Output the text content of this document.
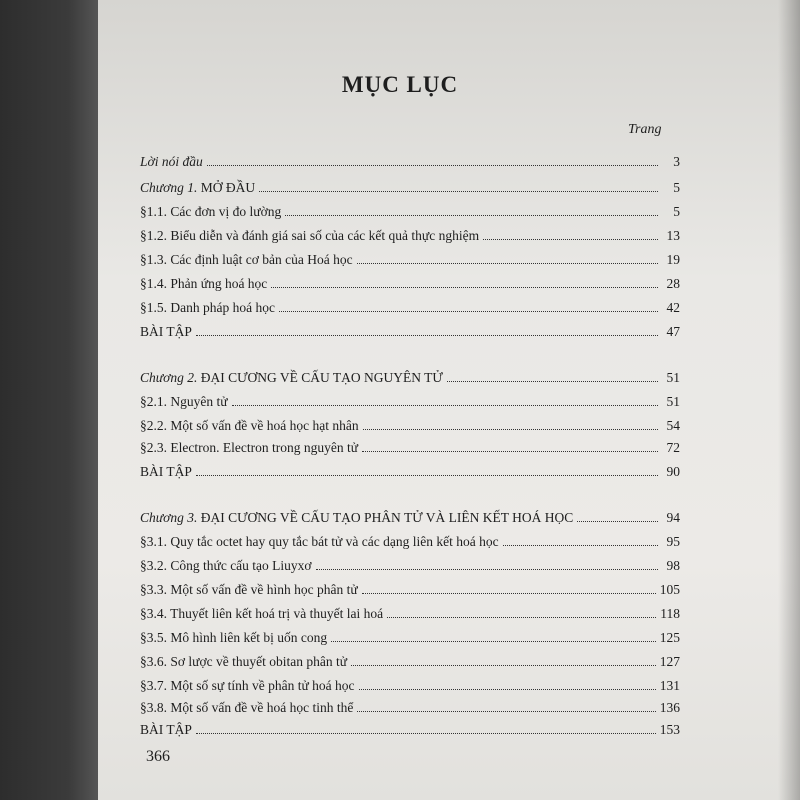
MỤC LỤC
Trang
Lời nói đầu	3
Chương 1. MỞ ĐẦU	5
§1.1. Các đơn vị đo lường	5
§1.2. Biểu diễn và đánh giá sai số của các kết quả thực nghiệm	13
§1.3. Các định luật cơ bản của Hoá học	19
§1.4. Phản ứng hoá học	28
§1.5. Danh pháp hoá học	42
BÀI TẬP	47
Chương 2. ĐẠI CƯƠNG VỀ CẤU TẠO NGUYÊN TỬ	51
§2.1. Nguyên tử	51
§2.2. Một số vấn đề về hoá học hạt nhân	54
§2.3. Electron. Electron trong nguyên tử	72
BÀI TẬP	90
Chương 3. ĐẠI CƯƠNG VỀ CẤU TẠO PHÂN TỬ VÀ LIÊN KẾT HOÁ HỌC	94
§3.1. Quy tắc octet hay quy tắc bát tử và các dạng liên kết hoá học	95
§3.2. Công thức cấu tạo Liuyxơ	98
§3.3. Một số vấn đề về hình học phân tử	105
§3.4. Thuyết liên kết hoá trị và thuyết lai hoá	118
§3.5. Mô hình liên kết bị uốn cong	125
§3.6. Sơ lược về thuyết obitan phân tử	127
§3.7. Một số sự tính về phân tử hoá học	131
§3.8. Một số vấn đề về hoá học tinh thể	136
BÀI TẬP	153
366
